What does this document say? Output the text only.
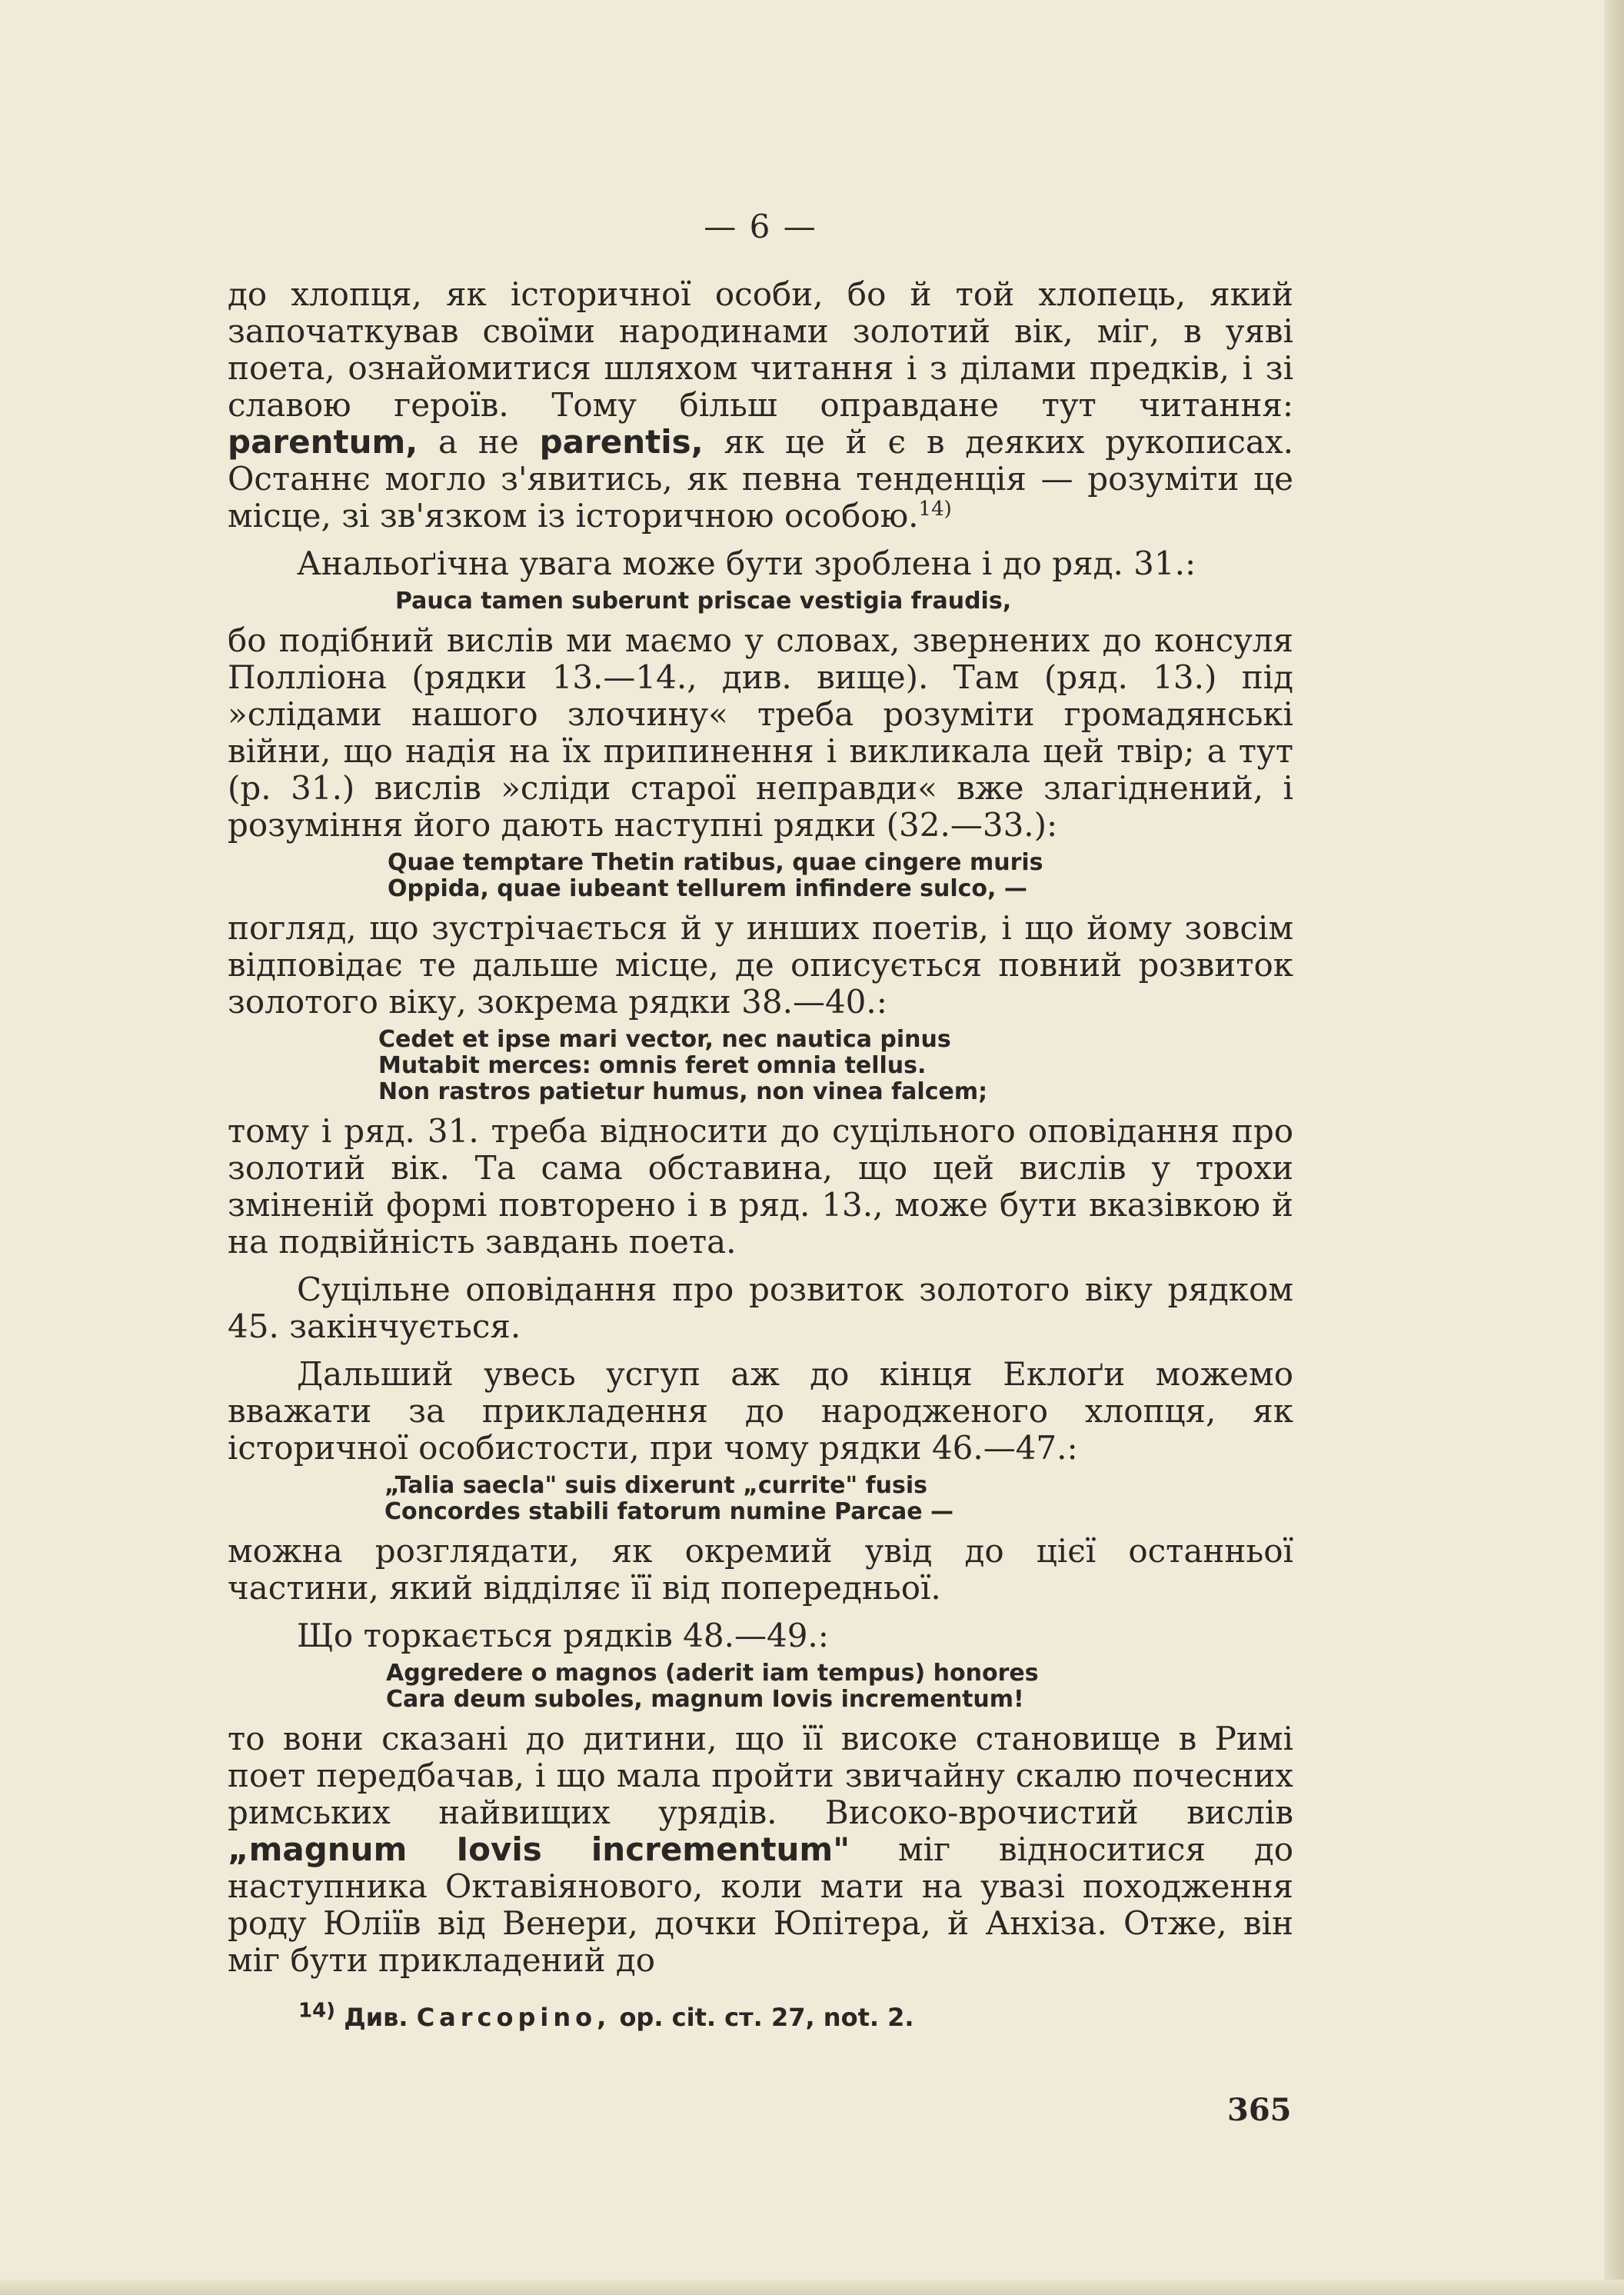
— 6 —

до хлопця, як історичної особи, бо й той хлопець, який започаткував своїми народинами золотий вік, міг, в уяві поета, ознайомитися шляхом читання і з ділами предків, і зі славою героїв. Тому більш оправдане тут читання: parentum, а не parentis, як це й є в деяких рукописах. Останнє могло з'явитись, як певна тенденція — розуміти це місце, зі зв'язком із історичною особою.$^{14)}$

Анальоґічна увага може бути зроблена і до ряд. 31.:

Pauca tamen suberunt priscae vestigia fraudis,

бо подібний вислів ми маємо у словах, звернених до консуля Полліона (рядки 13.—14., див. вище). Там (ряд. 13.) під »слідами нашого злочину« треба розуміти громадянські війни, що надія на їх припинення і викликала цей твір; а тут (р. 31.) вислів »сліди старої неправди« вже злагіднений, і розуміння його дають наступні рядки (32.—33.):

Quae temptare Thetin ratibus, quae cingere muris
Oppida, quae iubeant tellurem infindere sulco, —

погляд, що зустрічається й у инших поетів, і що йому зовсім відповідає те дальше місце, де описується повний розвиток золотого віку, зокрема рядки 38.—40.:

Cedet et ipse mari vector, nec nautica pinus
Mutabit merces: omnis feret omnia tellus.
Non rastros patietur humus, non vinea falcem;

тому і ряд. 31. треба відносити до суцільного оповідання про золотий вік. Та сама обставина, що цей вислів у трохи зміненій формі повторено і в ряд. 13., може бути вказівкою й на подвійність завдань поета.

Суцільне оповідання про розвиток золотого віку рядком 45. закінчується.

Дальший увесь усгуп аж до кінця Еклоґи можемо вважати за прикладення до народженого хлопця, як історичної особистости, при чому рядки 46.—47.:

„Talia saecla" suis dixerunt „currite" fusis
Concordes stabili fatorum numine Parcae —

можна розглядати, як окремий увід до цієї останньої частини, який відділяє її від попередньої.

Що торкається рядків 48.—49.:

Aggredere o magnos (aderit iam tempus) honores
Cara deum suboles, magnum Iovis incrementum!

то вони сказані до дитини, що її високе становище в Римі поет передбачав, і що мала пройти звичайну скалю почесних римських найвищих урядів. Високо-врочистий вислів „magnum Iovis incrementum" міг відноситися до наступника Октавіянового, коли мати на увазі походження роду Юліїв від Венери, дочки Юпітера, й Анхіза. Отже, він міг бути прикладений до

$^{14)}$ Див. Carcopino, op. cit. ст. 27, not. 2.
365
